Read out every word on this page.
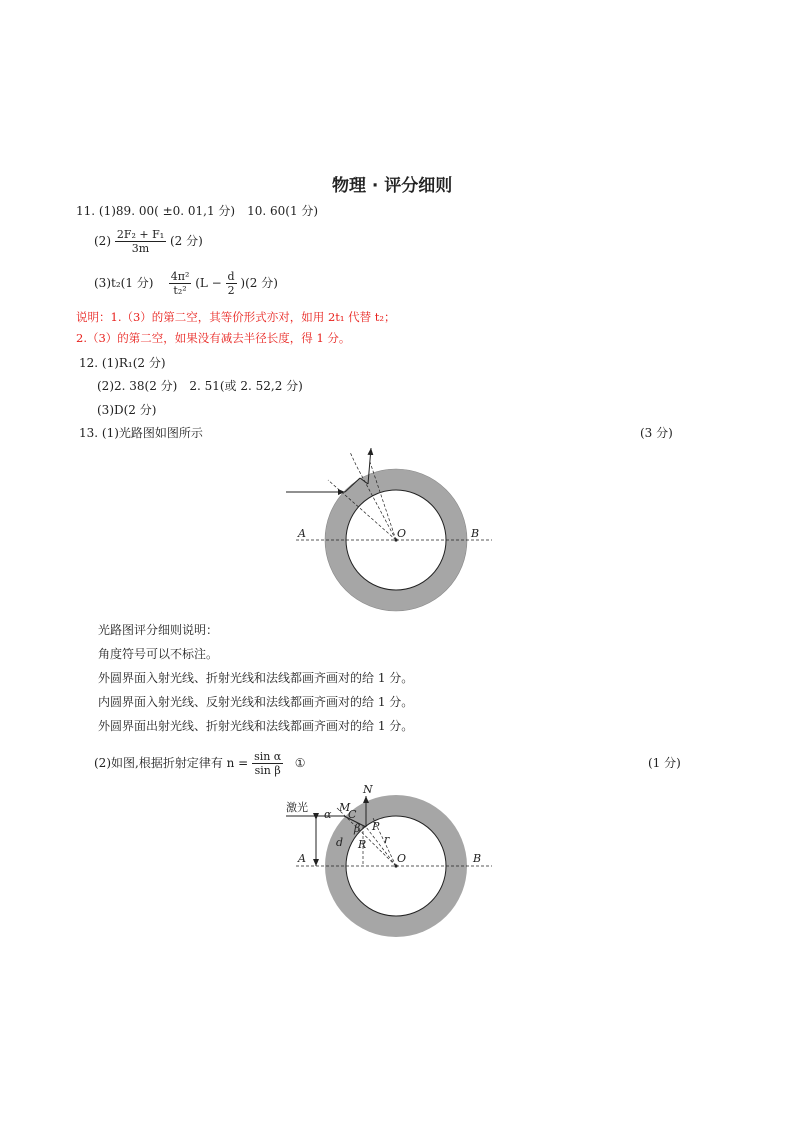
物理 · 评分细则
11. (1)89. 00( ±0. 01,1 分)　10. 60(1 分)
$(2) \frac{\text{2F₂ + F₁}}{3m} (2$ 分)
(3)t₂(1 分) $\frac{\text{4π²}}{\text{t₂²}} (L - \frac{d}{2} )(2$ 分)
说明：1.（3）的第二空，其等价形式亦对，如用 2t₁ 代替 t₂；
2.（3）的第二空，如果没有减去半径长度，得 1 分。
12. (1)R₁(2 分)
(2)2. 38(2 分)　2. 51(或 2. 52,2 分)
(3)D(2 分)
13. (1)光路图如图所示	(3 分)
A	O	B
光路图评分细则说明：
角度符号可以不标注。
外圆界面入射光线、折射光线和法线都画齐画对的给 1 分。
内圆界面入射光线、反射光线和法线都画齐画对的给 1 分。
外圆界面出射光线、折射光线和法线都画齐画对的给 1 分。
(2)如图,根据折射定律有 $n = \frac{\text{sin α}}{\text{sin β}}$ ①	(1 分)
激光	M
N
α C
β P
r
R
d
A	O	B
